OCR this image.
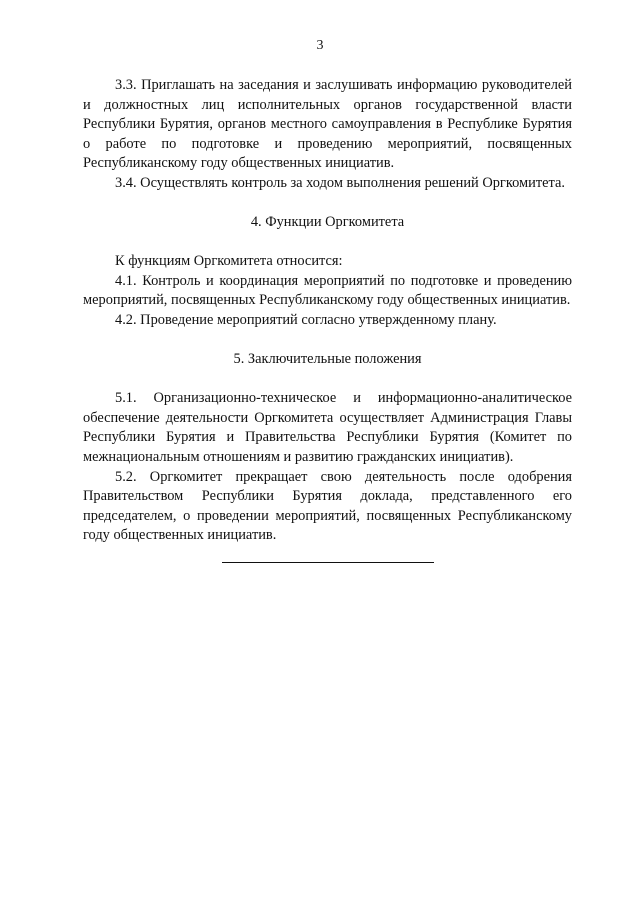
3

3.3. Приглашать на заседания и заслушивать информацию руководителей и должностных лиц исполнительных органов государственной власти Республики Бурятия, органов местного самоуправления в Республике Бурятия о работе по подготовке и проведению мероприятий, посвященных Республиканскому году общественных инициатив.

3.4. Осуществлять контроль за ходом выполнения решений Оргкомитета.

4. Функции Оргкомитета

К функциям Оргкомитета относится:

4.1. Контроль и координация мероприятий по подготовке и проведению мероприятий, посвященных Республиканскому году общественных инициатив.

4.2. Проведение мероприятий согласно утвержденному плану.

5. Заключительные положения

5.1. Организационно-техническое и информационно-аналитическое обеспечение деятельности Оргкомитета осуществляет Администрация Главы Республики Бурятия и Правительства Республики Бурятия (Комитет по межнациональным отношениям и развитию гражданских инициатив).

5.2. Оргкомитет прекращает свою деятельность после одобрения Правительством Республики Бурятия доклада, представленного его председателем, о проведении мероприятий, посвященных Республиканскому году общественных инициатив.
